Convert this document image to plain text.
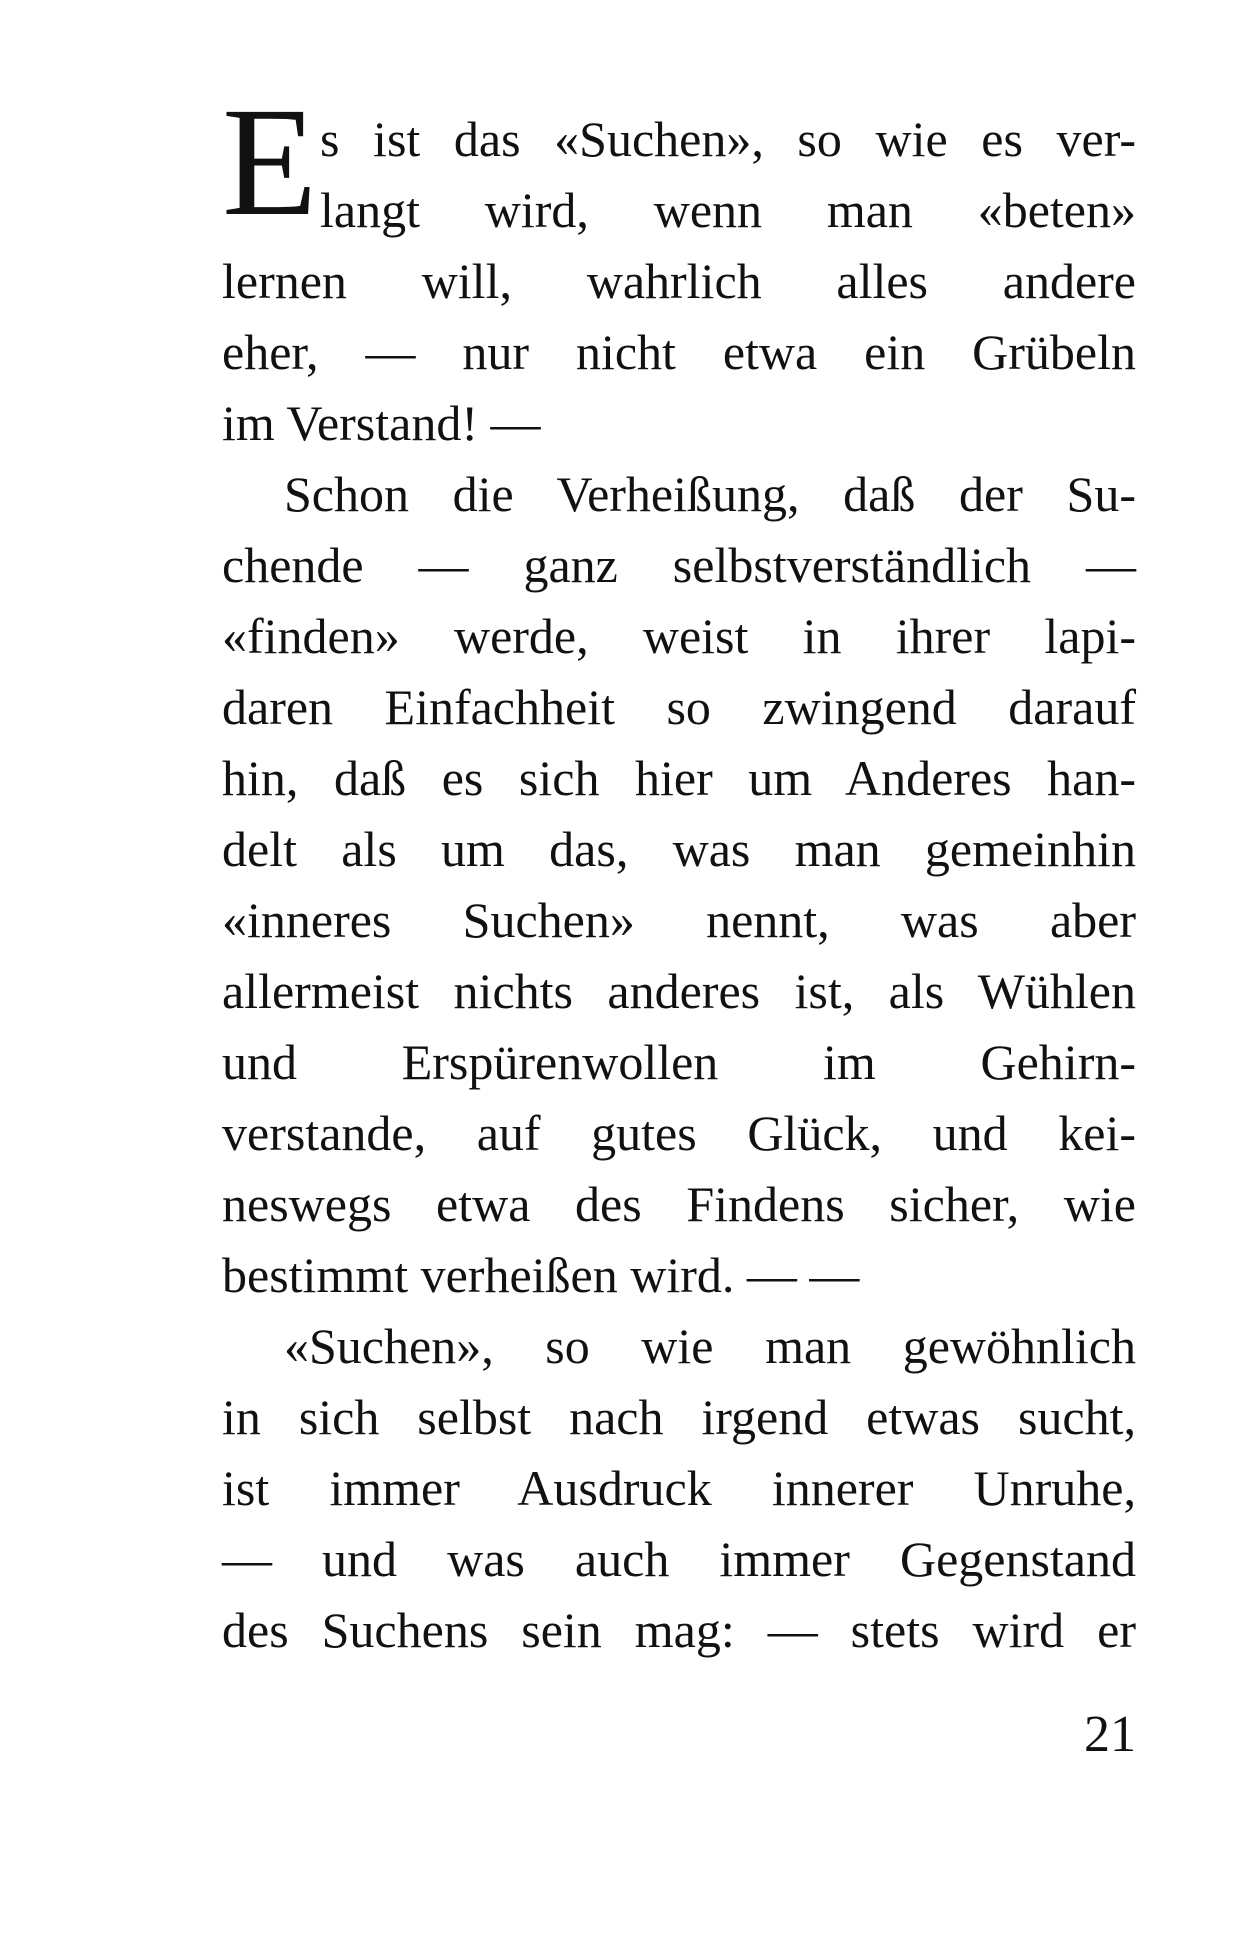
E s ist das «Suchen», so wie es ver-
langt wird, wenn man «beten»
lernen will, wahrlich alles andere
eher, — nur nicht etwa ein Grübeln
im Verstand! —
Schon die Verheißung, daß der Su-
chende — ganz selbstverständlich —
«finden» werde, weist in ihrer lapi-
daren Einfachheit so zwingend darauf
hin, daß es sich hier um Anderes han-
delt als um das, was man gemeinhin
«inneres Suchen» nennt, was aber
allermeist nichts anderes ist, als Wühlen
und Erspürenwollen im Gehirn-
verstande, auf gutes Glück, und kei-
neswegs etwa des Findens sicher, wie
bestimmt verheißen wird. — —
«Suchen», so wie man gewöhnlich
in sich selbst nach irgend etwas sucht,
ist immer Ausdruck innerer Unruhe,
— und was auch immer Gegenstand
des Suchens sein mag: — stets wird er
21
